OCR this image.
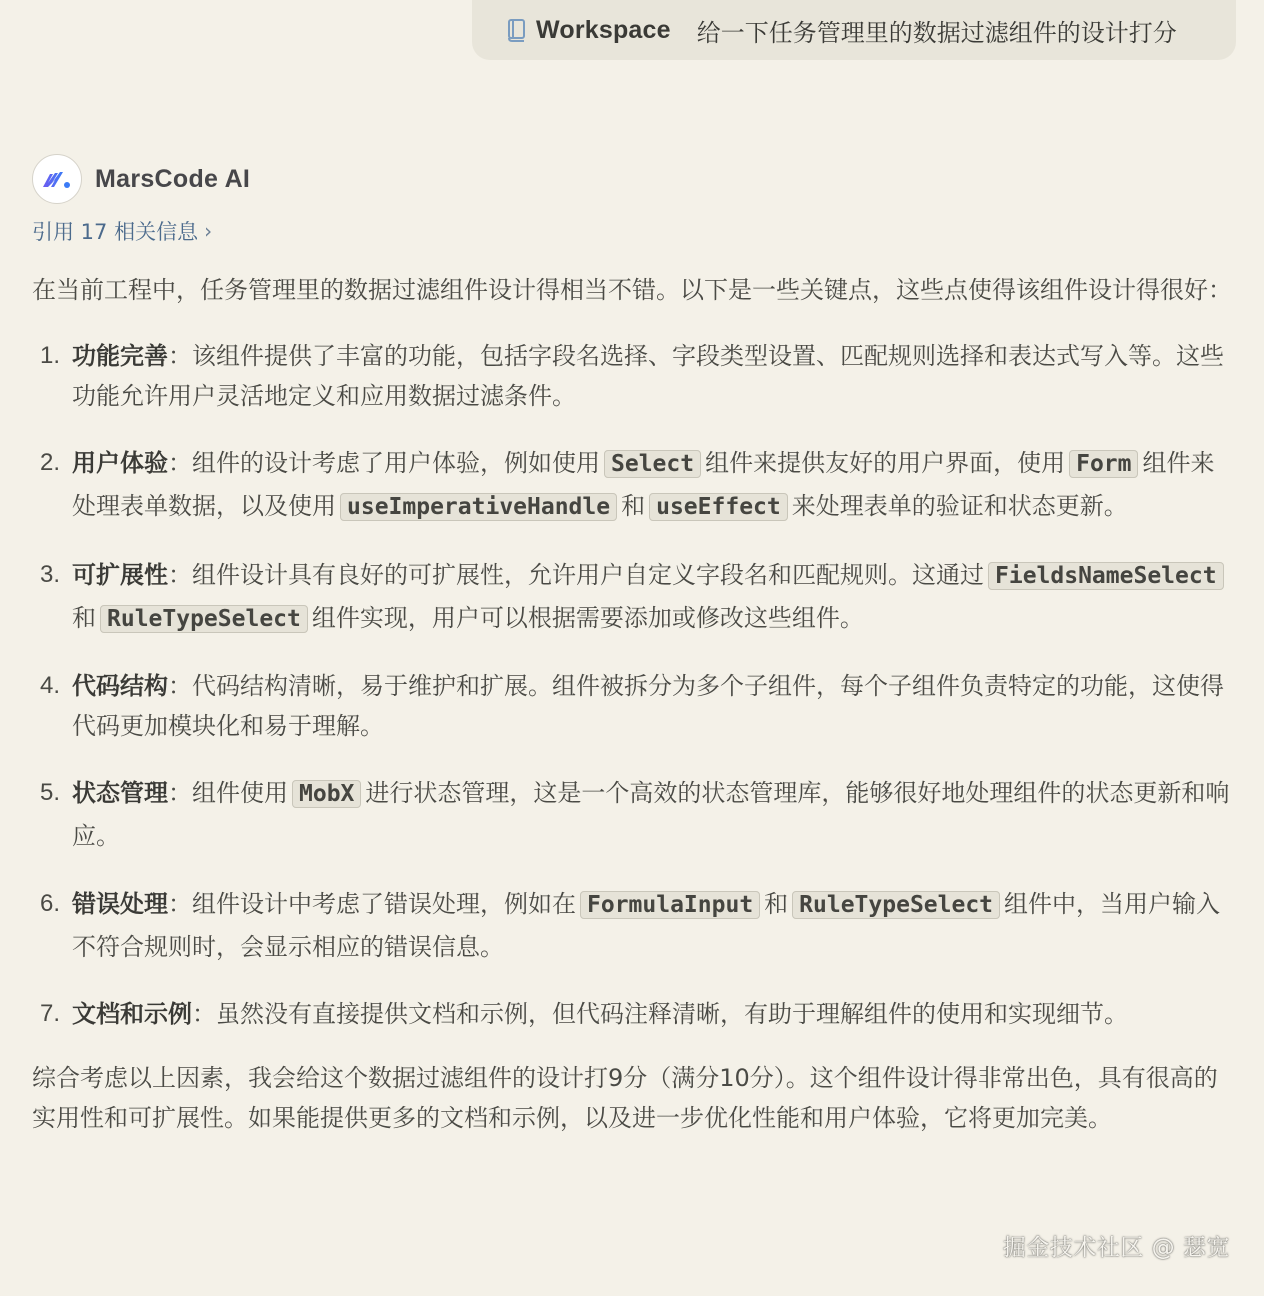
Workspace 给一下任务管理里的数据过滤组件的设计打分
MarsCode AI
引用 17 相关信息 ›

在当前工程中，任务管理里的数据过滤组件设计得相当不错。以下是一些关键点，这些点使得该组件设计得很好：

1. 功能完善：该组件提供了丰富的功能，包括字段名选择、字段类型设置、匹配规则选择和表达式写入等。这些功能允许用户灵活地定义和应用数据过滤条件。
2. 用户体验：组件的设计考虑了用户体验，例如使用 Select 组件来提供友好的用户界面，使用 Form 组件来处理表单数据，以及使用 useImperativeHandle 和 useEffect 来处理表单的验证和状态更新。
3. 可扩展性：组件设计具有良好的可扩展性，允许用户自定义字段名和匹配规则。这通过 FieldsNameSelect和 RuleTypeSelect 组件实现，用户可以根据需要添加或修改这些组件。
4. 代码结构：代码结构清晰，易于维护和扩展。组件被拆分为多个子组件，每个子组件负责特定的功能，这使得代码更加模块化和易于理解。
5. 状态管理：组件使用 MobX 进行状态管理，这是一个高效的状态管理库，能够很好地处理组件的状态更新和响应。
6. 错误处理：组件设计中考虑了错误处理，例如在 FormulaInput 和 RuleTypeSelect 组件中，当用户输入不符合规则时，会显示相应的错误信息。
7. 文档和示例：虽然没有直接提供文档和示例，但代码注释清晰，有助于理解组件的使用和实现细节。

综合考虑以上因素，我会给这个数据过滤组件的设计打9分（满分10分）。这个组件设计得非常出色，具有很高的实用性和可扩展性。如果能提供更多的文档和示例，以及进一步优化性能和用户体验，它将更加完美。

掘金技术社区 @ 瑟宽
